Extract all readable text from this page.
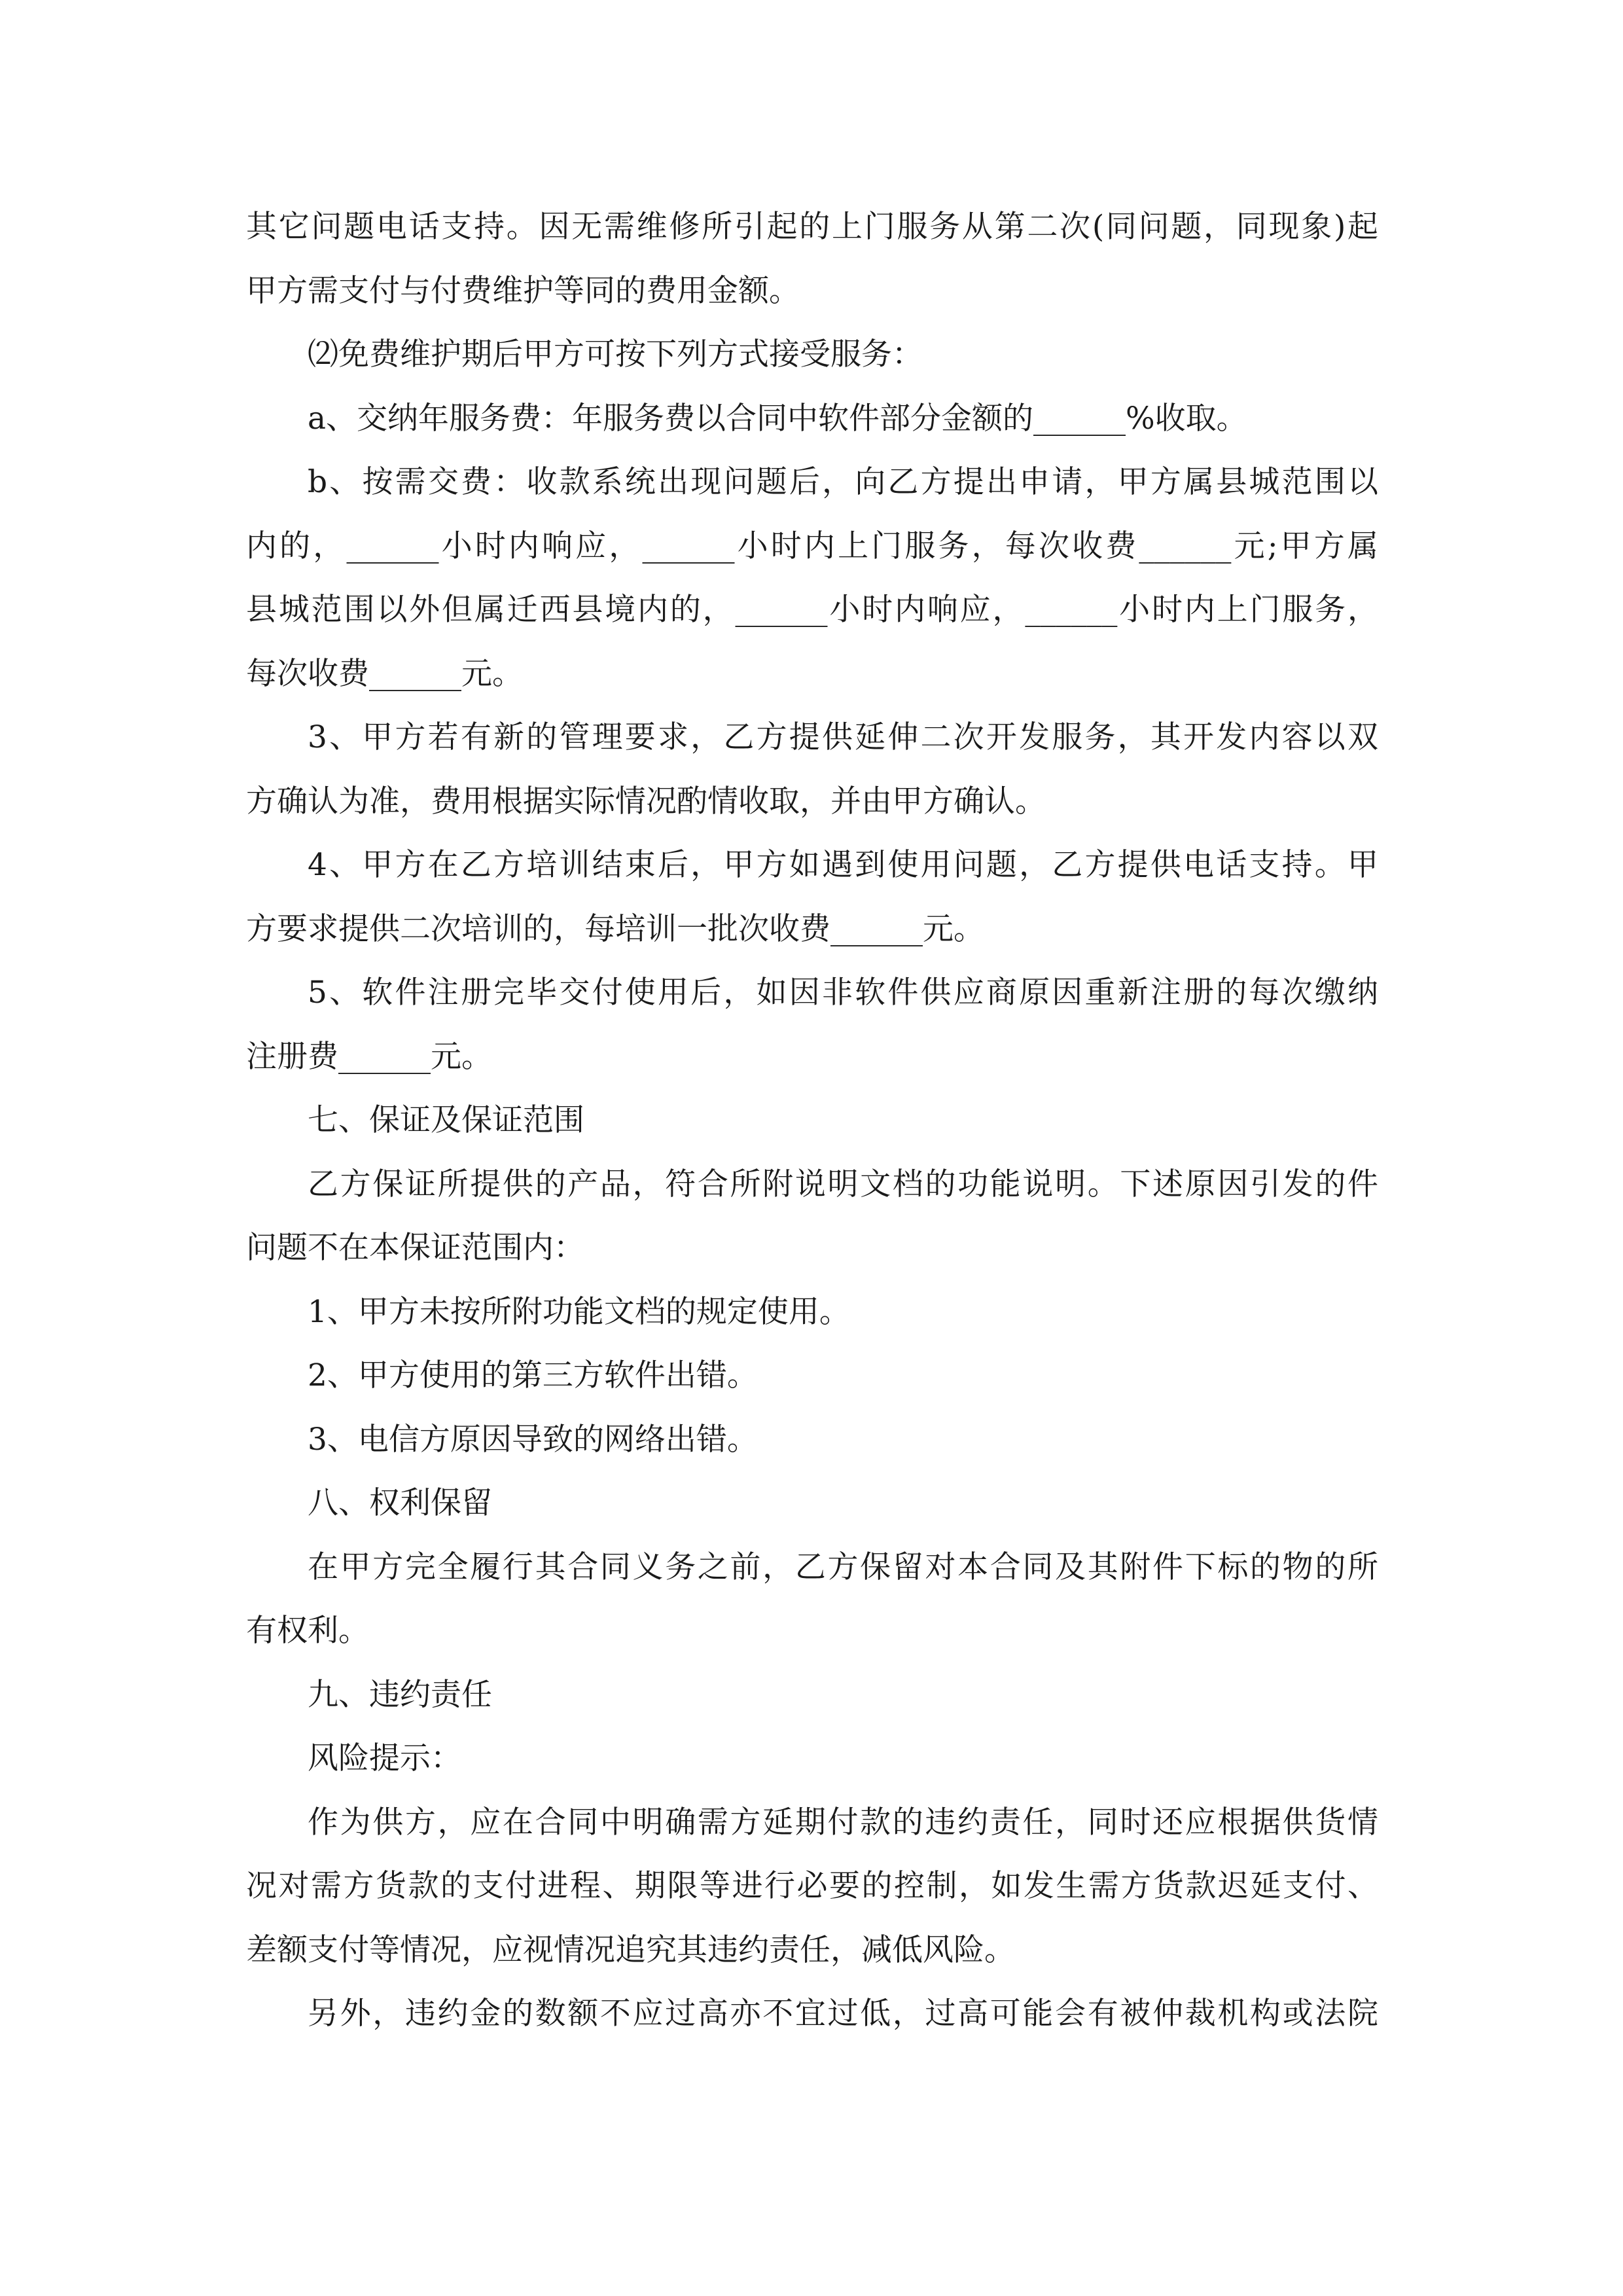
其它问题电话支持。因无需维修所引起的上门服务从第二次(同问题，同现象)起
甲方需支付与付费维护等同的费用金额。
⑵免费维护期后甲方可按下列方式接受服务：
a、交纳年服务费：年服务费以合同中软件部分金额的______%收取。
b、按需交费：收款系统出现问题后，向乙方提出申请，甲方属县城范围以
内的，______小时内响应，______小时内上门服务，每次收费______元;甲方属
县城范围以外但属迁西县境内的，______小时内响应，______小时内上门服务，
每次收费______元。
3、甲方若有新的管理要求，乙方提供延伸二次开发服务，其开发内容以双
方确认为准，费用根据实际情况酌情收取，并由甲方确认。
4、甲方在乙方培训结束后，甲方如遇到使用问题，乙方提供电话支持。甲
方要求提供二次培训的，每培训一批次收费______元。
5、软件注册完毕交付使用后，如因非软件供应商原因重新注册的每次缴纳
注册费______元。
七、保证及保证范围
乙方保证所提供的产品，符合所附说明文档的功能说明。下述原因引发的件
问题不在本保证范围内：
1、甲方未按所附功能文档的规定使用。
2、甲方使用的第三方软件出错。
3、电信方原因导致的网络出错。
八、权利保留
在甲方完全履行其合同义务之前，乙方保留对本合同及其附件下标的物的所
有权利。
九、违约责任
风险提示：
作为供方，应在合同中明确需方延期付款的违约责任，同时还应根据供货情
况对需方货款的支付进程、期限等进行必要的控制，如发生需方货款迟延支付、
差额支付等情况，应视情况追究其违约责任，减低风险。
另外，违约金的数额不应过高亦不宜过低，过高可能会有被仲裁机构或法院
